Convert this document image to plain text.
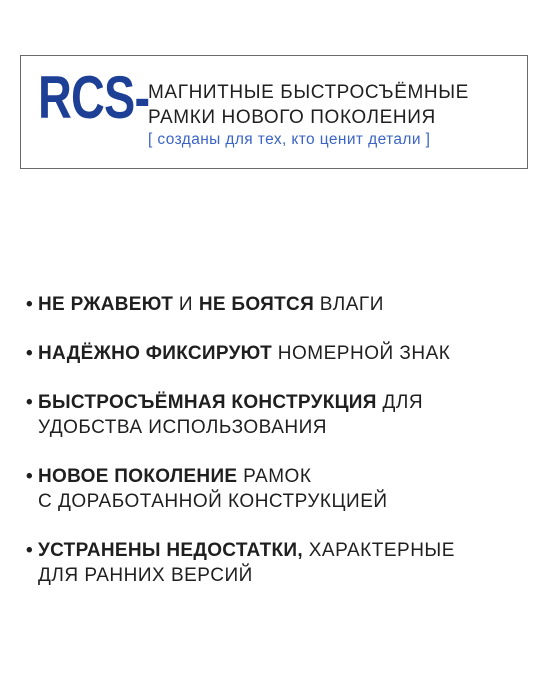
RCS-
МАГНИТНЫЕ БЫСТРОСЪЁМНЫЕ
РАМКИ НОВОГО ПОКОЛЕНИЯ
[ созданы для тех, кто ценит детали ]
• НЕ РЖАВЕЮТ И НЕ БОЯТСЯ ВЛАГИ
• НАДЁЖНО ФИКСИРУЮТ НОМЕРНОЙ ЗНАК
• БЫСТРОСЪЁМНАЯ КОНСТРУКЦИЯ ДЛЯ
УДОБСТВА ИСПОЛЬЗОВАНИЯ
• НОВОЕ ПОКОЛЕНИЕ РАМОК
С ДОРАБОТАННОЙ КОНСТРУКЦИЕЙ
• УСТРАНЕНЫ НЕДОСТАТКИ, ХАРАКТЕРНЫЕ
ДЛЯ РАННИХ ВЕРСИЙ
